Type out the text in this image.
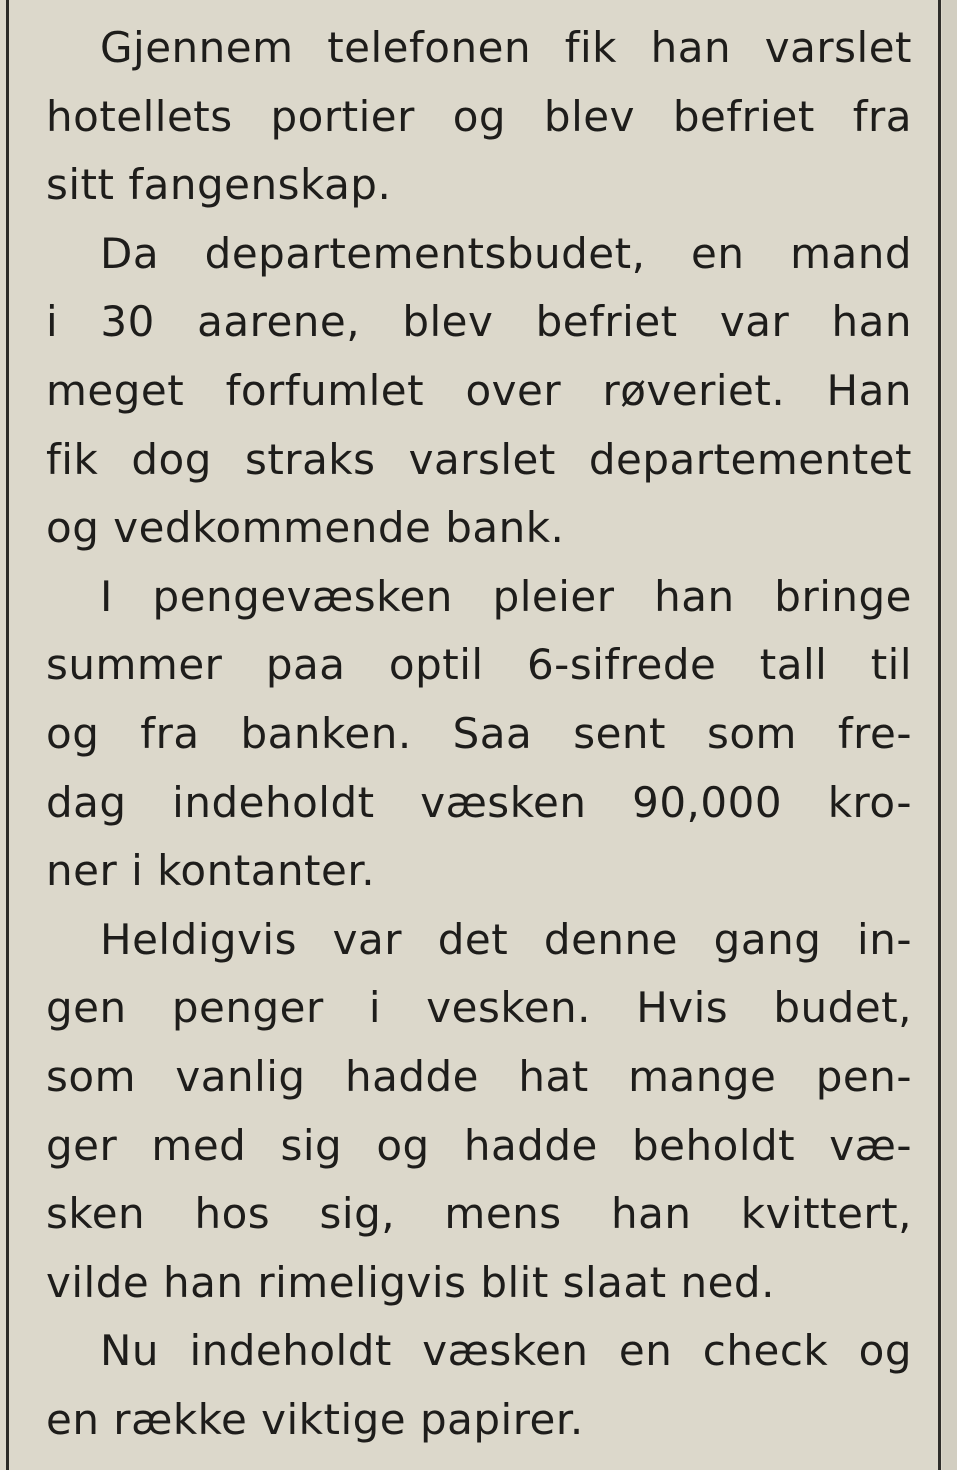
Gjennem telefonen fik han varslet
hotellets portier og blev befriet fra
sitt fangenskap.

Da departementsbudet, en mand
i 30 aarene, blev befriet var han
meget forfumlet over røveriet. Han
fik dog straks varslet departementet
og vedkommende bank.

I pengevæsken pleier han bringe
summer paa optil 6-sifrede tall til
og fra banken. Saa sent som fre-
dag indeholdt væsken 90,000 kro-
ner i kontanter.

Heldigvis var det denne gang in-
gen penger i vesken. Hvis budet,
som vanlig hadde hat mange pen-
ger med sig og hadde beholdt væ-
sken hos sig, mens han kvittert,
vilde han rimeligvis blit slaat ned.

Nu indeholdt væsken en check og
en række viktige papirer.
